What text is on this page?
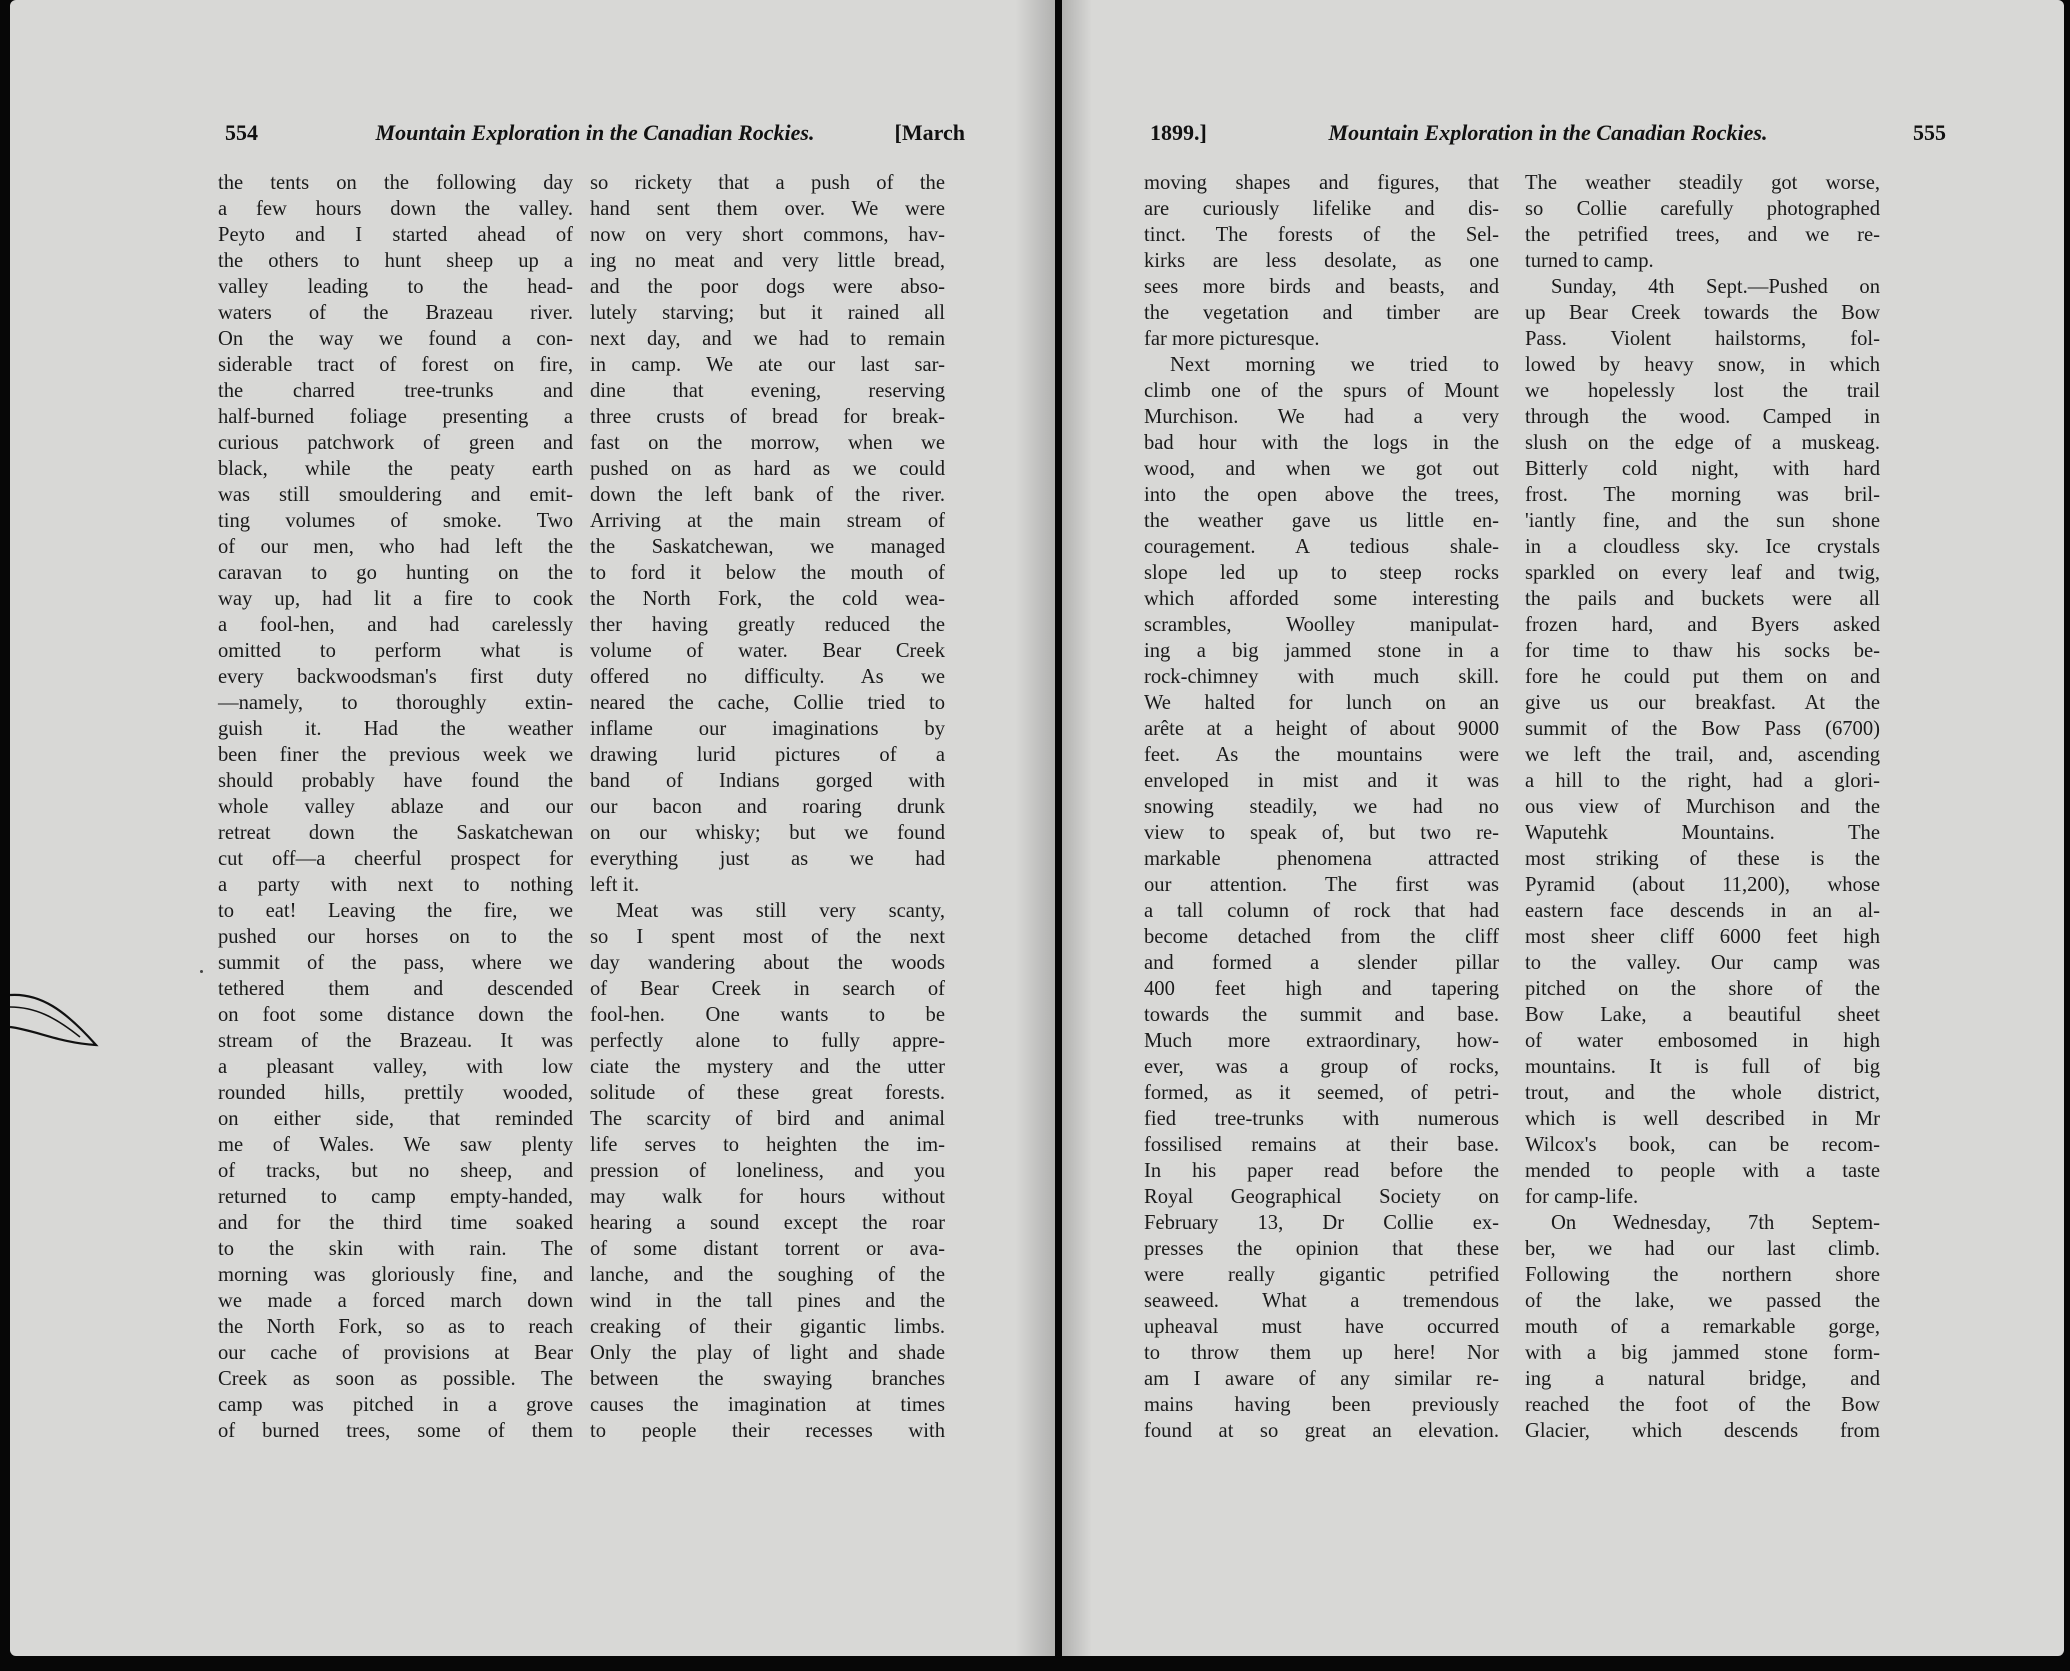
554	Mountain Exploration in the Canadian Rockies.	[March
the tents on the following day
a few hours down the valley.
Peyto and I started ahead of
the others to hunt sheep up a
valley leading to the head-
waters of the Brazeau river.
On the way we found a con-
siderable tract of forest on fire,
the charred tree-trunks and
half-burned foliage presenting a
curious patchwork of green and
black, while the peaty earth
was still smouldering and emit-
ting volumes of smoke. Two
of our men, who had left the
caravan to go hunting on the
way up, had lit a fire to cook
a fool-hen, and had carelessly
omitted to perform what is
every backwoodsman's first duty
—namely, to thoroughly extin-
guish it. Had the weather
been finer the previous week we
should probably have found the
whole valley ablaze and our
retreat down the Saskatchewan
cut off—a cheerful prospect for
a party with next to nothing
to eat! Leaving the fire, we
pushed our horses on to the
summit of the pass, where we
tethered them and descended
on foot some distance down the
stream of the Brazeau. It was
a pleasant valley, with low
rounded hills, prettily wooded,
on either side, that reminded
me of Wales. We saw plenty
of tracks, but no sheep, and
returned to camp empty-handed,
and for the third time soaked
to the skin with rain. The
morning was gloriously fine, and
we made a forced march down
the North Fork, so as to reach
our cache of provisions at Bear
Creek as soon as possible. The
camp was pitched in a grove
of burned trees, some of them
so rickety that a push of the
hand sent them over. We were
now on very short commons, hav-
ing no meat and very little bread,
and the poor dogs were abso-
lutely starving; but it rained all
next day, and we had to remain
in camp. We ate our last sar-
dine that evening, reserving
three crusts of bread for break-
fast on the morrow, when we
pushed on as hard as we could
down the left bank of the river.
Arriving at the main stream of
the Saskatchewan, we managed
to ford it below the mouth of
the North Fork, the cold wea-
ther having greatly reduced the
volume of water. Bear Creek
offered no difficulty. As we
neared the cache, Collie tried to
inflame our imaginations by
drawing lurid pictures of a
band of Indians gorged with
our bacon and roaring drunk
on our whisky; but we found
everything just as we had
left it.
Meat was still very scanty,
so I spent most of the next
day wandering about the woods
of Bear Creek in search of
fool-hen. One wants to be
perfectly alone to fully appre-
ciate the mystery and the utter
solitude of these great forests.
The scarcity of bird and animal
life serves to heighten the im-
pression of loneliness, and you
may walk for hours without
hearing a sound except the roar
of some distant torrent or ava-
lanche, and the soughing of the
wind in the tall pines and the
creaking of their gigantic limbs.
Only the play of light and shade
between the swaying branches
causes the imagination at times
to people their recesses with
1899.]	Mountain Exploration in the Canadian Rockies.	555
moving shapes and figures, that
are curiously lifelike and dis-
tinct. The forests of the Sel-
kirks are less desolate, as one
sees more birds and beasts, and
the vegetation and timber are
far more picturesque.
Next morning we tried to
climb one of the spurs of Mount
Murchison. We had a very
bad hour with the logs in the
wood, and when we got out
into the open above the trees,
the weather gave us little en-
couragement. A tedious shale-
slope led up to steep rocks
which afforded some interesting
scrambles, Woolley manipulat-
ing a big jammed stone in a
rock-chimney with much skill.
We halted for lunch on an
arête at a height of about 9000
feet. As the mountains were
enveloped in mist and it was
snowing steadily, we had no
view to speak of, but two re-
markable phenomena attracted
our attention. The first was
a tall column of rock that had
become detached from the cliff
and formed a slender pillar
400 feet high and tapering
towards the summit and base.
Much more extraordinary, how-
ever, was a group of rocks,
formed, as it seemed, of petri-
fied tree-trunks with numerous
fossilised remains at their base.
In his paper read before the
Royal Geographical Society on
February 13, Dr Collie ex-
presses the opinion that these
were really gigantic petrified
seaweed. What a tremendous
upheaval must have occurred
to throw them up here! Nor
am I aware of any similar re-
mains having been previously
found at so great an elevation.
The weather steadily got worse,
so Collie carefully photographed
the petrified trees, and we re-
turned to camp.
Sunday, 4th Sept.—Pushed on
up Bear Creek towards the Bow
Pass. Violent hailstorms, fol-
lowed by heavy snow, in which
we hopelessly lost the trail
through the wood. Camped in
slush on the edge of a muskeag.
Bitterly cold night, with hard
frost. The morning was bril-
'iantly fine, and the sun shone
in a cloudless sky. Ice crystals
sparkled on every leaf and twig,
the pails and buckets were all
frozen hard, and Byers asked
for time to thaw his socks be-
fore he could put them on and
give us our breakfast. At the
summit of the Bow Pass (6700)
we left the trail, and, ascending
a hill to the right, had a glori-
ous view of Murchison and the
Waputehk Mountains. The
most striking of these is the
Pyramid (about 11,200), whose
eastern face descends in an al-
most sheer cliff 6000 feet high
to the valley. Our camp was
pitched on the shore of the
Bow Lake, a beautiful sheet
of water embosomed in high
mountains. It is full of big
trout, and the whole district,
which is well described in Mr
Wilcox's book, can be recom-
mended to people with a taste
for camp-life.
On Wednesday, 7th Septem-
ber, we had our last climb.
Following the northern shore
of the lake, we passed the
mouth of a remarkable gorge,
with a big jammed stone form-
ing a natural bridge, and
reached the foot of the Bow
Glacier, which descends from
